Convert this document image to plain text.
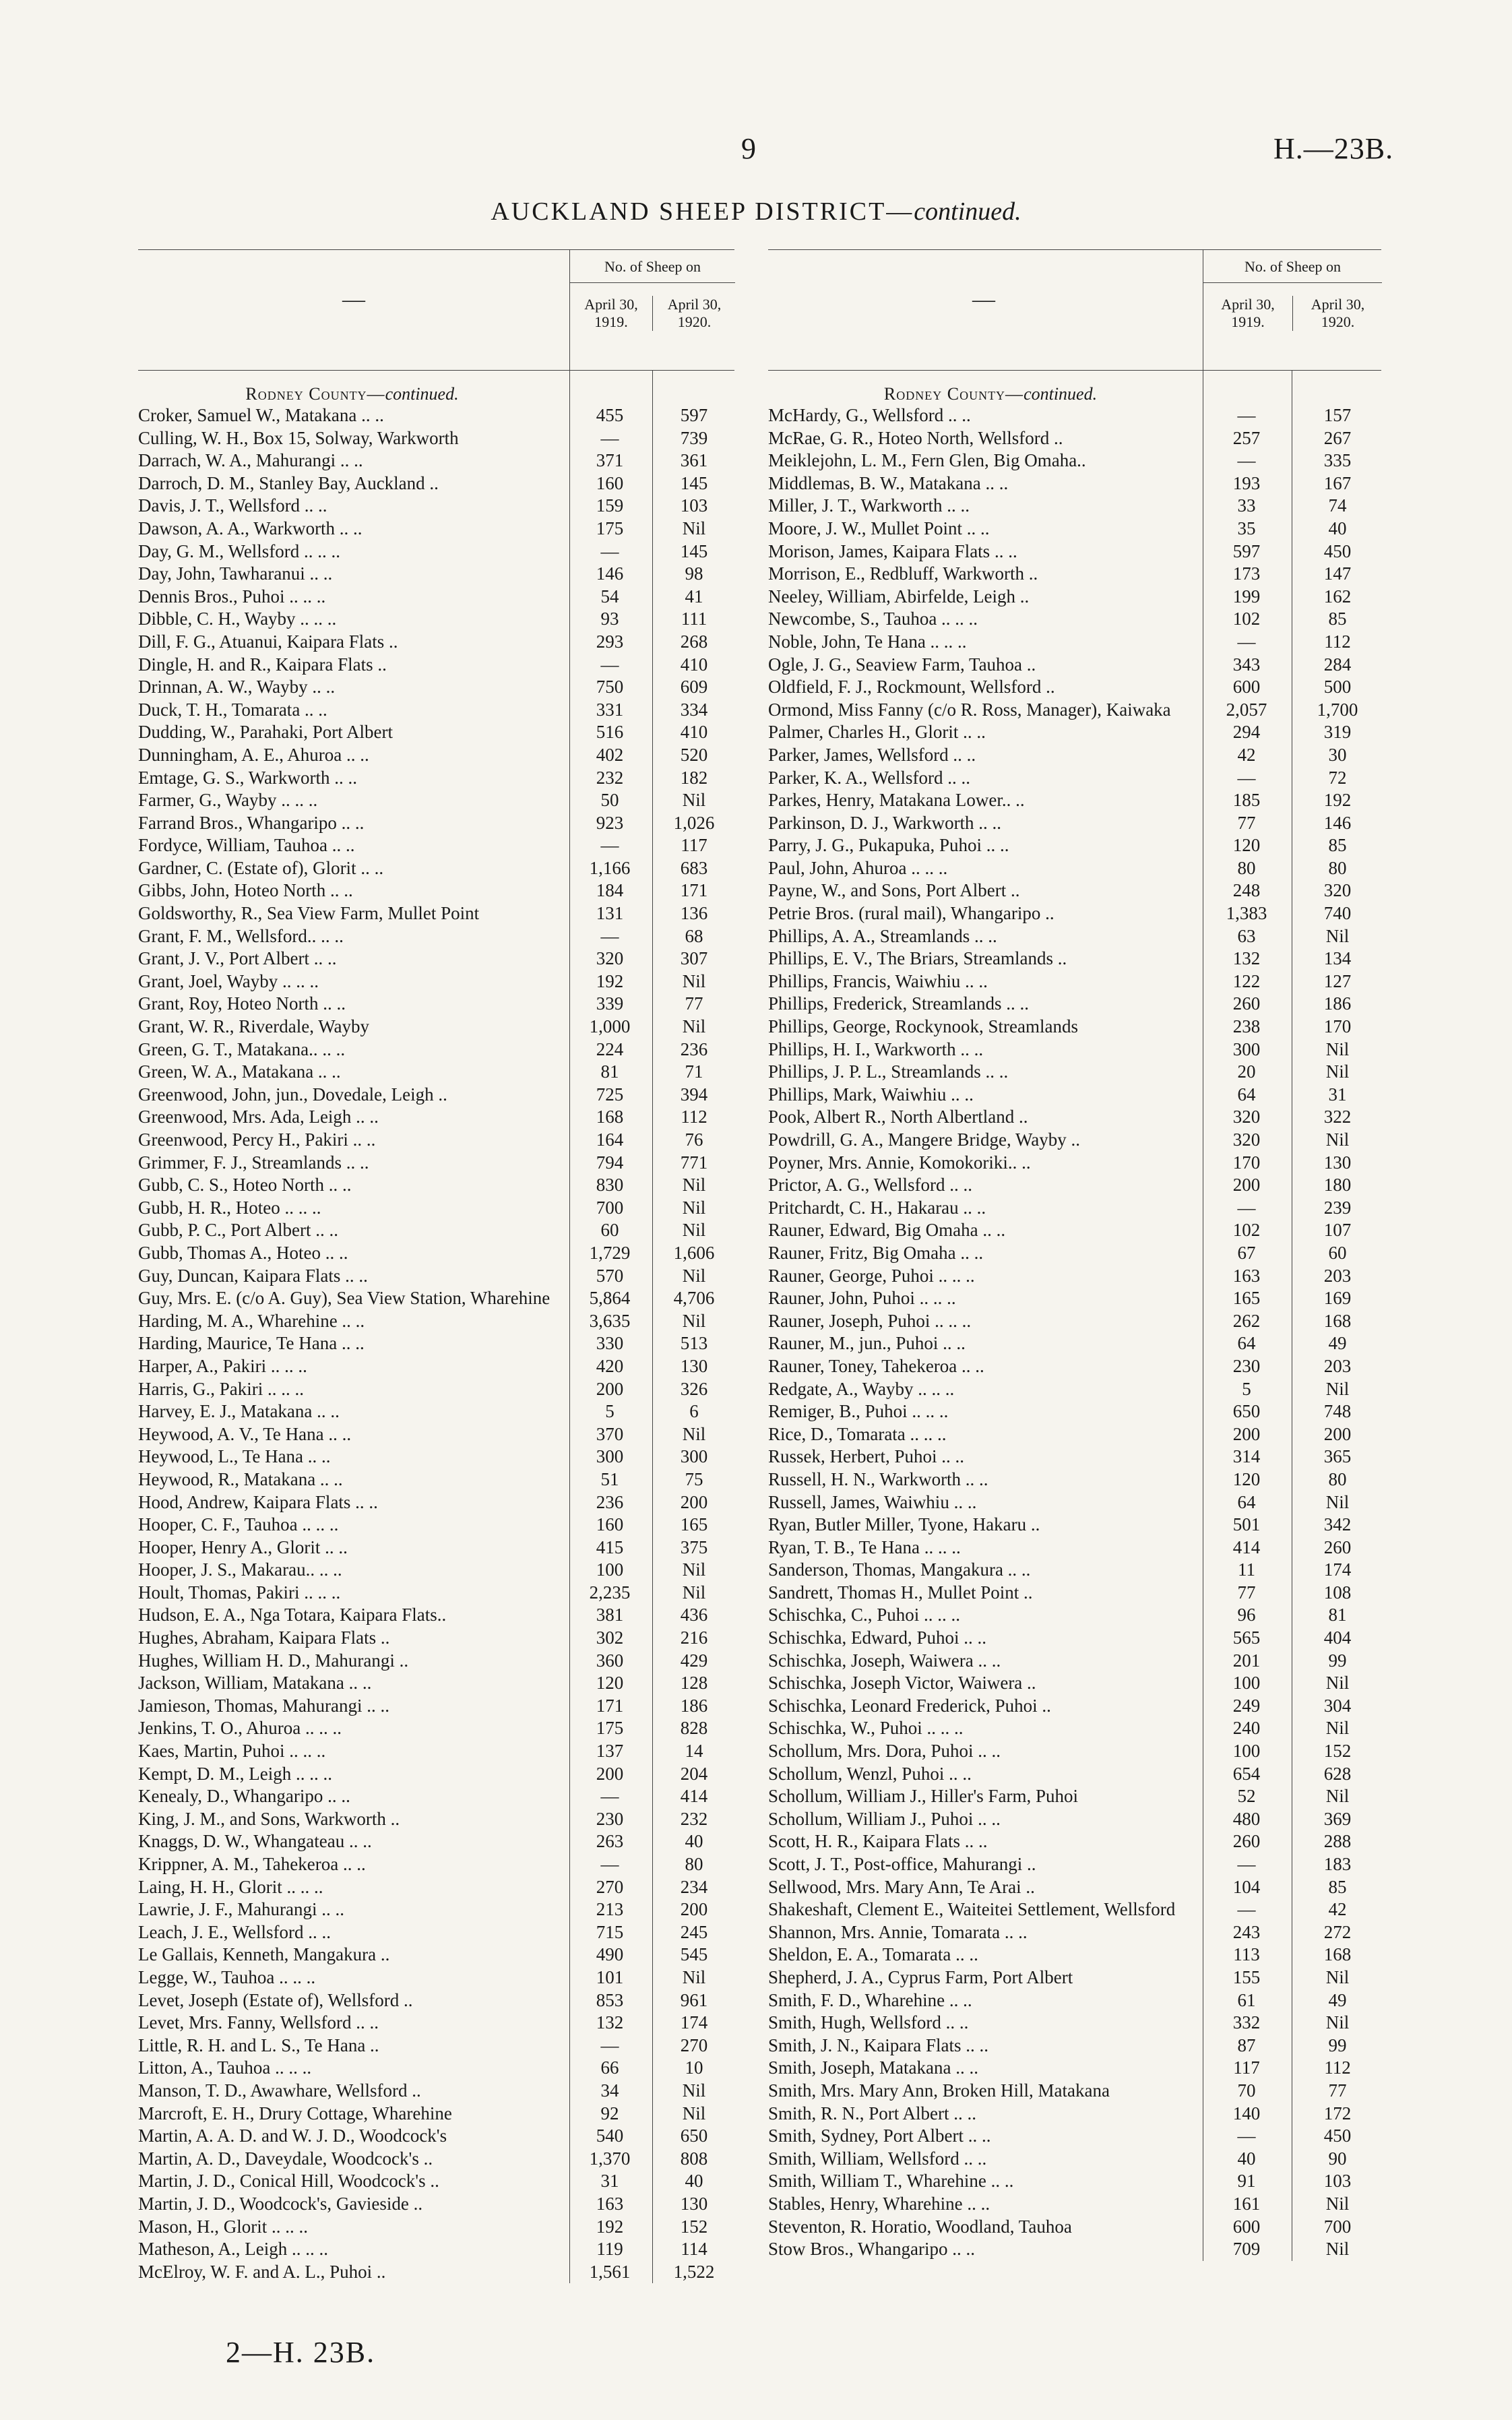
9	H.—23B.
AUCKLAND SHEEP DISTRICT—continued.
—
No. of Sheep on
April 30, 1919.
April 30, 1920.
Rodney County—continued.
Croker, Samuel W., Matakana .. ..	455	597
Culling, W. H., Box 15, Solway, Warkworth	—	739
Darrach, W. A., Mahurangi .. ..	371	361
Darroch, D. M., Stanley Bay, Auckland ..	160	145
Davis, J. T., Wellsford .. ..	159	103
Dawson, A. A., Warkworth .. ..	175	Nil
Day, G. M., Wellsford .. .. ..	—	145
Day, John, Tawharanui .. ..	146	98
Dennis Bros., Puhoi .. .. ..	54	41
Dibble, C. H., Wayby .. .. ..	93	111
Dill, F. G., Atuanui, Kaipara Flats ..	293	268
Dingle, H. and R., Kaipara Flats ..	—	410
Drinnan, A. W., Wayby .. ..	750	609
Duck, T. H., Tomarata .. ..	331	334
Dudding, W., Parahaki, Port Albert	516	410
Dunningham, A. E., Ahuroa .. ..	402	520
Emtage, G. S., Warkworth .. ..	232	182
Farmer, G., Wayby .. .. ..	50	Nil
Farrand Bros., Whangaripo .. ..	923	1,026
Fordyce, William, Tauhoa .. ..	—	117
Gardner, C. (Estate of), Glorit .. ..	1,166	683
Gibbs, John, Hoteo North .. ..	184	171
Goldsworthy, R., Sea View Farm, Mullet Point	131	136
Grant, F. M., Wellsford.. .. ..	—	68
Grant, J. V., Port Albert .. ..	320	307
Grant, Joel, Wayby .. .. ..	192	Nil
Grant, Roy, Hoteo North .. ..	339	77
Grant, W. R., Riverdale, Wayby	1,000	Nil
Green, G. T., Matakana.. .. ..	224	236
Green, W. A., Matakana .. ..	81	71
Greenwood, John, jun., Dovedale, Leigh ..	725	394
Greenwood, Mrs. Ada, Leigh .. ..	168	112
Greenwood, Percy H., Pakiri .. ..	164	76
Grimmer, F. J., Streamlands .. ..	794	771
Gubb, C. S., Hoteo North .. ..	830	Nil
Gubb, H. R., Hoteo .. .. ..	700	Nil
Gubb, P. C., Port Albert .. ..	60	Nil
Gubb, Thomas A., Hoteo .. ..	1,729	1,606
Guy, Duncan, Kaipara Flats .. ..	570	Nil
Guy, Mrs. E. (c/o A. Guy), Sea View Station, Wharehine	5,864	4,706
Harding, M. A., Wharehine .. ..	3,635	Nil
Harding, Maurice, Te Hana .. ..	330	513
Harper, A., Pakiri .. .. ..	420	130
Harris, G., Pakiri .. .. ..	200	326
Harvey, E. J., Matakana .. ..	5	6
Heywood, A. V., Te Hana .. ..	370	Nil
Heywood, L., Te Hana .. ..	300	300
Heywood, R., Matakana .. ..	51	75
Hood, Andrew, Kaipara Flats .. ..	236	200
Hooper, C. F., Tauhoa .. .. ..	160	165
Hooper, Henry A., Glorit .. ..	415	375
Hooper, J. S., Makarau.. .. ..	100	Nil
Hoult, Thomas, Pakiri .. .. ..	2,235	Nil
Hudson, E. A., Nga Totara, Kaipara Flats..	381	436
Hughes, Abraham, Kaipara Flats ..	302	216
Hughes, William H. D., Mahurangi ..	360	429
Jackson, William, Matakana .. ..	120	128
Jamieson, Thomas, Mahurangi .. ..	171	186
Jenkins, T. O., Ahuroa .. .. ..	175	828
Kaes, Martin, Puhoi .. .. ..	137	14
Kempt, D. M., Leigh .. .. ..	200	204
Kenealy, D., Whangaripo .. ..	—	414
King, J. M., and Sons, Warkworth ..	230	232
Knaggs, D. W., Whangateau .. ..	263	40
Krippner, A. M., Tahekeroa .. ..	—	80
Laing, H. H., Glorit .. .. ..	270	234
Lawrie, J. F., Mahurangi .. ..	213	200
Leach, J. E., Wellsford .. ..	715	245
Le Gallais, Kenneth, Mangakura ..	490	545
Legge, W., Tauhoa .. .. ..	101	Nil
Levet, Joseph (Estate of), Wellsford ..	853	961
Levet, Mrs. Fanny, Wellsford .. ..	132	174
Little, R. H. and L. S., Te Hana ..	—	270
Litton, A., Tauhoa .. .. ..	66	10
Manson, T. D., Awawhare, Wellsford ..	34	Nil
Marcroft, E. H., Drury Cottage, Wharehine	92	Nil
Martin, A. A. D. and W. J. D., Woodcock's	540	650
Martin, A. D., Daveydale, Woodcock's ..	1,370	808
Martin, J. D., Conical Hill, Woodcock's ..	31	40
Martin, J. D., Woodcock's, Gavieside ..	163	130
Mason, H., Glorit .. .. ..	192	152
Matheson, A., Leigh .. .. ..	119	114
McElroy, W. F. and A. L., Puhoi ..	1,561	1,522
—
No. of Sheep on
April 30, 1919.
April 30, 1920.
Rodney County—continued.
McHardy, G., Wellsford .. ..	—	157
McRae, G. R., Hoteo North, Wellsford ..	257	267
Meiklejohn, L. M., Fern Glen, Big Omaha..	—	335
Middlemas, B. W., Matakana .. ..	193	167
Miller, J. T., Warkworth .. ..	33	74
Moore, J. W., Mullet Point .. ..	35	40
Morison, James, Kaipara Flats .. ..	597	450
Morrison, E., Redbluff, Warkworth ..	173	147
Neeley, William, Abirfelde, Leigh ..	199	162
Newcombe, S., Tauhoa .. .. ..	102	85
Noble, John, Te Hana .. .. ..	—	112
Ogle, J. G., Seaview Farm, Tauhoa ..	343	284
Oldfield, F. J., Rockmount, Wellsford ..	600	500
Ormond, Miss Fanny (c/o R. Ross, Manager), Kaiwaka	2,057	1,700
Palmer, Charles H., Glorit .. ..	294	319
Parker, James, Wellsford .. ..	42	30
Parker, K. A., Wellsford .. ..	—	72
Parkes, Henry, Matakana Lower.. ..	185	192
Parkinson, D. J., Warkworth .. ..	77	146
Parry, J. G., Pukapuka, Puhoi .. ..	120	85
Paul, John, Ahuroa .. .. ..	80	80
Payne, W., and Sons, Port Albert ..	248	320
Petrie Bros. (rural mail), Whangaripo ..	1,383	740
Phillips, A. A., Streamlands .. ..	63	Nil
Phillips, E. V., The Briars, Streamlands ..	132	134
Phillips, Francis, Waiwhiu .. ..	122	127
Phillips, Frederick, Streamlands .. ..	260	186
Phillips, George, Rockynook, Streamlands	238	170
Phillips, H. I., Warkworth .. ..	300	Nil
Phillips, J. P. L., Streamlands .. ..	20	Nil
Phillips, Mark, Waiwhiu .. ..	64	31
Pook, Albert R., North Albertland ..	320	322
Powdrill, G. A., Mangere Bridge, Wayby ..	320	Nil
Poyner, Mrs. Annie, Komokoriki.. ..	170	130
Prictor, A. G., Wellsford .. ..	200	180
Pritchardt, C. H., Hakarau .. ..	—	239
Rauner, Edward, Big Omaha .. ..	102	107
Rauner, Fritz, Big Omaha .. ..	67	60
Rauner, George, Puhoi .. .. ..	163	203
Rauner, John, Puhoi .. .. ..	165	169
Rauner, Joseph, Puhoi .. .. ..	262	168
Rauner, M., jun., Puhoi .. ..	64	49
Rauner, Toney, Tahekeroa .. ..	230	203
Redgate, A., Wayby .. .. ..	5	Nil
Remiger, B., Puhoi .. .. ..	650	748
Rice, D., Tomarata .. .. ..	200	200
Russek, Herbert, Puhoi .. ..	314	365
Russell, H. N., Warkworth .. ..	120	80
Russell, James, Waiwhiu .. ..	64	Nil
Ryan, Butler Miller, Tyone, Hakaru ..	501	342
Ryan, T. B., Te Hana .. .. ..	414	260
Sanderson, Thomas, Mangakura .. ..	11	174
Sandrett, Thomas H., Mullet Point ..	77	108
Schischka, C., Puhoi .. .. ..	96	81
Schischka, Edward, Puhoi .. ..	565	404
Schischka, Joseph, Waiwera .. ..	201	99
Schischka, Joseph Victor, Waiwera ..	100	Nil
Schischka, Leonard Frederick, Puhoi ..	249	304
Schischka, W., Puhoi .. .. ..	240	Nil
Schollum, Mrs. Dora, Puhoi .. ..	100	152
Schollum, Wenzl, Puhoi .. ..	654	628
Schollum, William J., Hiller's Farm, Puhoi	52	Nil
Schollum, William J., Puhoi .. ..	480	369
Scott, H. R., Kaipara Flats .. ..	260	288
Scott, J. T., Post-office, Mahurangi ..	—	183
Sellwood, Mrs. Mary Ann, Te Arai ..	104	85
Shakeshaft, Clement E., Waiteitei Settlement, Wellsford	—	42
Shannon, Mrs. Annie, Tomarata .. ..	243	272
Sheldon, E. A., Tomarata .. ..	113	168
Shepherd, J. A., Cyprus Farm, Port Albert	155	Nil
Smith, F. D., Wharehine .. ..	61	49
Smith, Hugh, Wellsford .. ..	332	Nil
Smith, J. N., Kaipara Flats .. ..	87	99
Smith, Joseph, Matakana .. ..	117	112
Smith, Mrs. Mary Ann, Broken Hill, Matakana	70	77
Smith, R. N., Port Albert .. ..	140	172
Smith, Sydney, Port Albert .. ..	—	450
Smith, William, Wellsford .. ..	40	90
Smith, William T., Wharehine .. ..	91	103
Stables, Henry, Wharehine .. ..	161	Nil
Steventon, R. Horatio, Woodland, Tauhoa	600	700
Stow Bros., Whangaripo .. ..	709	Nil
2—H. 23B.
